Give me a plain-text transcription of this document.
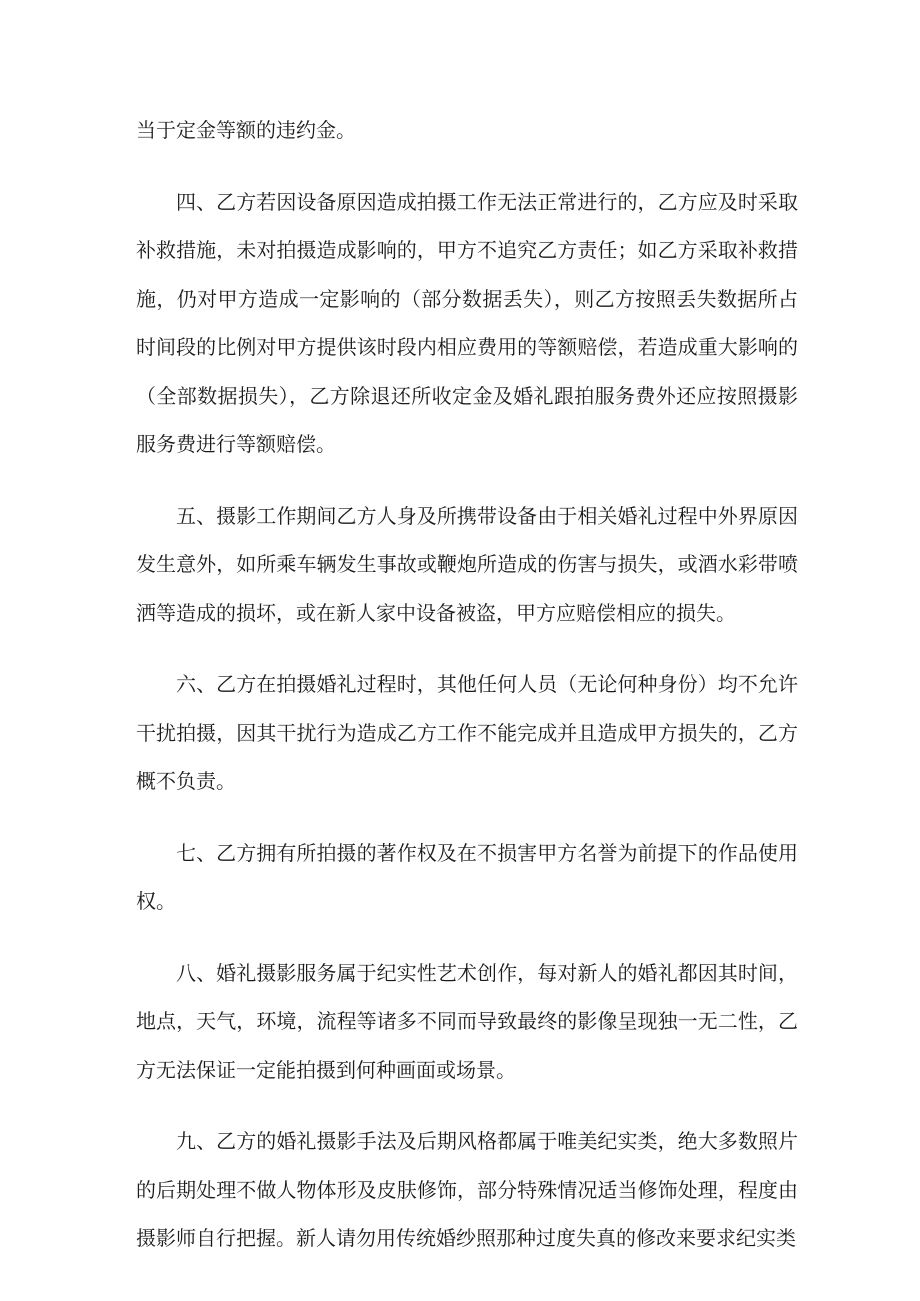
当于定金等额的违约金。

四、乙方若因设备原因造成拍摄工作无法正常进行的，乙方应及时采取补救措施，未对拍摄造成影响的，甲方不追究乙方责任；如乙方采取补救措施，仍对甲方造成一定影响的（部分数据丢失），则乙方按照丢失数据所占时间段的比例对甲方提供该时段内相应费用的等额赔偿，若造成重大影响的（全部数据损失），乙方除退还所收定金及婚礼跟拍服务费外还应按照摄影服务费进行等额赔偿。

五、摄影工作期间乙方人身及所携带设备由于相关婚礼过程中外界原因发生意外，如所乘车辆发生事故或鞭炮所造成的伤害与损失，或酒水彩带喷洒等造成的损坏，或在新人家中设备被盗，甲方应赔偿相应的损失。

六、乙方在拍摄婚礼过程时，其他任何人员（无论何种身份）均不允许干扰拍摄，因其干扰行为造成乙方工作不能完成并且造成甲方损失的，乙方概不负责。

七、乙方拥有所拍摄的著作权及在不损害甲方名誉为前提下的作品使用权。

八、婚礼摄影服务属于纪实性艺术创作，每对新人的婚礼都因其时间，地点，天气，环境，流程等诸多不同而导致最终的影像呈现独一无二性，乙方无法保证一定能拍摄到何种画面或场景。

九、乙方的婚礼摄影手法及后期风格都属于唯美纪实类，绝大多数照片的后期处理不做人物体形及皮肤修饰，部分特殊情况适当修饰处理，程度由摄影师自行把握。新人请勿用传统婚纱照那种过度失真的修改来要求纪实类
